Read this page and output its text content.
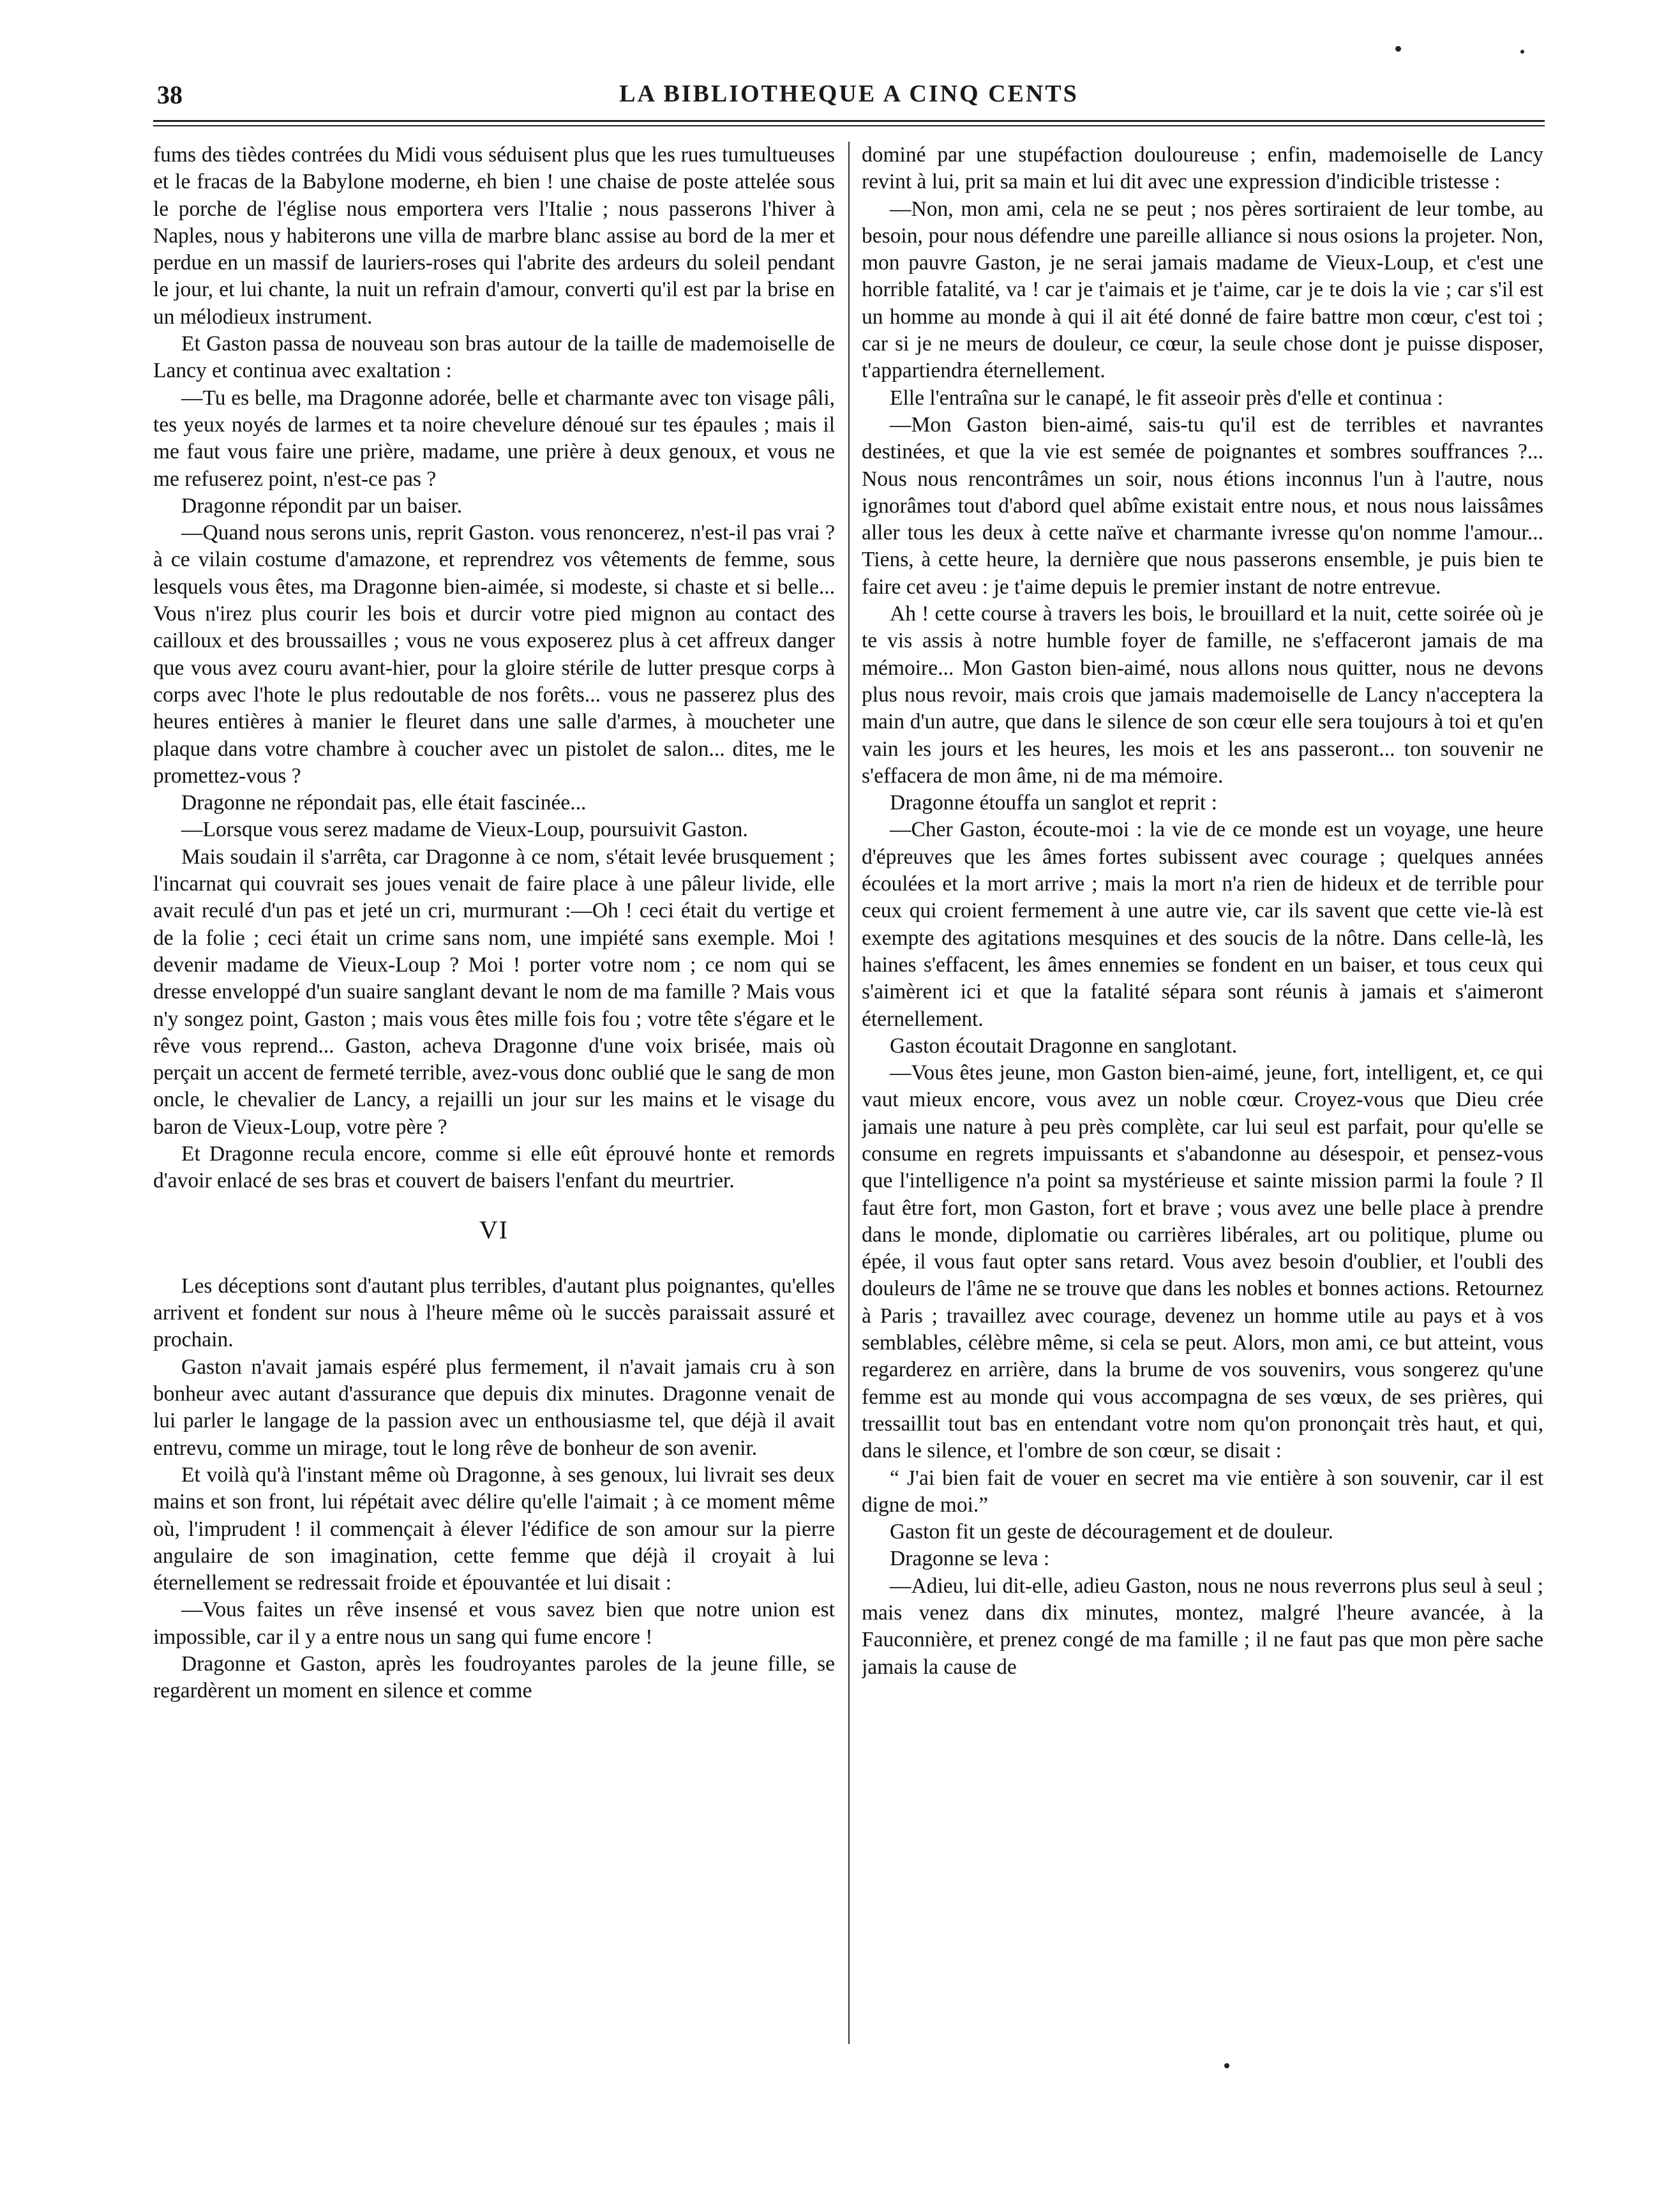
38	LA BIBLIOTHEQUE A CINQ CENTS

fums des tièdes contrées du Midi vous séduisent plus que les rues tumultueuses et le fracas de la Babylone moderne, eh bien ! une chaise de poste attelée sous le porche de l'église nous emportera vers l'Italie ; nous passerons l'hiver à Naples, nous y habiterons une villa de marbre blanc assise au bord de la mer et perdue en un massif de lauriers-roses qui l'abrite des ardeurs du soleil pendant le jour, et lui chante, la nuit un refrain d'amour, converti qu'il est par la brise en un mélodieux instrument.

Et Gaston passa de nouveau son bras autour de la taille de mademoiselle de Lancy et continua avec exaltation :

—Tu es belle, ma Dragonne adorée, belle et charmante avec ton visage pâli, tes yeux noyés de larmes et ta noire chevelure dénoué sur tes épaules ; mais il me faut vous faire une prière, madame, une prière à deux genoux, et vous ne me refuserez point, n'est-ce pas ?

Dragonne répondit par un baiser.

—Quand nous serons unis, reprit Gaston. vous renoncerez, n'est-il pas vrai ? à ce vilain costume d'amazone, et reprendrez vos vêtements de femme, sous lesquels vous êtes, ma Dragonne bien-aimée, si modeste, si chaste et si belle... Vous n'irez plus courir les bois et durcir votre pied mignon au contact des cailloux et des broussailles ; vous ne vous exposerez plus à cet affreux danger que vous avez couru avant-hier, pour la gloire stérile de lutter presque corps à corps avec l'hote le plus redoutable de nos forêts... vous ne passerez plus des heures entières à manier le fleuret dans une salle d'armes, à moucheter une plaque dans votre chambre à coucher avec un pistolet de salon... dites, me le promettez-vous ?

Dragonne ne répondait pas, elle était fascinée...

—Lorsque vous serez madame de Vieux-Loup, poursuivit Gaston.

Mais soudain il s'arrêta, car Dragonne à ce nom, s'était levée brusquement ; l'incarnat qui couvrait ses joues venait de faire place à une pâleur livide, elle avait reculé d'un pas et jeté un cri, murmurant :—Oh ! ceci était du vertige et de la folie ; ceci était un crime sans nom, une impiété sans exemple. Moi ! devenir madame de Vieux-Loup ? Moi ! porter votre nom ; ce nom qui se dresse enveloppé d'un suaire sanglant devant le nom de ma famille ? Mais vous n'y songez point, Gaston ; mais vous êtes mille fois fou ; votre tête s'égare et le rêve vous reprend... Gaston, acheva Dragonne d'une voix brisée, mais où perçait un accent de fermeté terrible, avez-vous donc oublié que le sang de mon oncle, le chevalier de Lancy, a rejailli un jour sur les mains et le visage du baron de Vieux-Loup, votre père ?

Et Dragonne recula encore, comme si elle eût éprouvé honte et remords d'avoir enlacé de ses bras et couvert de baisers l'enfant du meurtrier.

VI

Les déceptions sont d'autant plus terribles, d'autant plus poignantes, qu'elles arrivent et fondent sur nous à l'heure même où le succès paraissait assuré et prochain.

Gaston n'avait jamais espéré plus fermement, il n'avait jamais cru à son bonheur avec autant d'assurance que depuis dix minutes. Dragonne venait de lui parler le langage de la passion avec un enthousiasme tel, que déjà il avait entrevu, comme un mirage, tout le long rêve de bonheur de son avenir.

Et voilà qu'à l'instant même où Dragonne, à ses genoux, lui livrait ses deux mains et son front, lui répétait avec délire qu'elle l'aimait ; à ce moment même où, l'imprudent ! il commençait à élever l'édifice de son amour sur la pierre angulaire de son imagination, cette femme que déjà il croyait à lui éternellement se redressait froide et épouvantée et lui disait :

—Vous faites un rêve insensé et vous savez bien que notre union est impossible, car il y a entre nous un sang qui fume encore !

Dragonne et Gaston, après les foudroyantes paroles de la jeune fille, se regardèrent un moment en silence et comme

dominé par une stupéfaction douloureuse ; enfin, mademoiselle de Lancy revint à lui, prit sa main et lui dit avec une expression d'indicible tristesse :

—Non, mon ami, cela ne se peut ; nos pères sortiraient de leur tombe, au besoin, pour nous défendre une pareille alliance si nous osions la projeter. Non, mon pauvre Gaston, je ne serai jamais madame de Vieux-Loup, et c'est une horrible fatalité, va ! car je t'aimais et je t'aime, car je te dois la vie ; car s'il est un homme au monde à qui il ait été donné de faire battre mon cœur, c'est toi ; car si je ne meurs de douleur, ce cœur, la seule chose dont je puisse disposer, t'appartiendra éternellement.

Elle l'entraîna sur le canapé, le fit asseoir près d'elle et continua :

—Mon Gaston bien-aimé, sais-tu qu'il est de terribles et navrantes destinées, et que la vie est semée de poignantes et sombres souffrances ?... Nous nous rencontrâmes un soir, nous étions inconnus l'un à l'autre, nous ignorâmes tout d'abord quel abîme existait entre nous, et nous nous laissâmes aller tous les deux à cette naïve et charmante ivresse qu'on nomme l'amour... Tiens, à cette heure, la dernière que nous passerons ensemble, je puis bien te faire cet aveu : je t'aime depuis le premier instant de notre entrevue.

Ah ! cette course à travers les bois, le brouillard et la nuit, cette soirée où je te vis assis à notre humble foyer de famille, ne s'effaceront jamais de ma mémoire... Mon Gaston bien-aimé, nous allons nous quitter, nous ne devons plus nous revoir, mais crois que jamais mademoiselle de Lancy n'acceptera la main d'un autre, que dans le silence de son cœur elle sera toujours à toi et qu'en vain les jours et les heures, les mois et les ans passeront... ton souvenir ne s'effacera de mon âme, ni de ma mémoire.

Dragonne étouffa un sanglot et reprit :

—Cher Gaston, écoute-moi : la vie de ce monde est un voyage, une heure d'épreuves que les âmes fortes subissent avec courage ; quelques années écoulées et la mort arrive ; mais la mort n'a rien de hideux et de terrible pour ceux qui croient fermement à une autre vie, car ils savent que cette vie-là est exempte des agitations mesquines et des soucis de la nôtre. Dans celle-là, les haines s'effacent, les âmes ennemies se fondent en un baiser, et tous ceux qui s'aimèrent ici et que la fatalité sépara sont réunis à jamais et s'aimeront éternellement.

Gaston écoutait Dragonne en sanglotant.

—Vous êtes jeune, mon Gaston bien-aimé, jeune, fort, intelligent, et, ce qui vaut mieux encore, vous avez un noble cœur. Croyez-vous que Dieu crée jamais une nature à peu près complète, car lui seul est parfait, pour qu'elle se consume en regrets impuissants et s'abandonne au désespoir, et pensez-vous que l'intelligence n'a point sa mystérieuse et sainte mission parmi la foule ? Il faut être fort, mon Gaston, fort et brave ; vous avez une belle place à prendre dans le monde, diplomatie ou carrières libérales, art ou politique, plume ou épée, il vous faut opter sans retard. Vous avez besoin d'oublier, et l'oubli des douleurs de l'âme ne se trouve que dans les nobles et bonnes actions. Retournez à Paris ; travaillez avec courage, devenez un homme utile au pays et à vos semblables, célèbre même, si cela se peut. Alors, mon ami, ce but atteint, vous regarderez en arrière, dans la brume de vos souvenirs, vous songerez qu'une femme est au monde qui vous accompagna de ses vœux, de ses prières, qui tressaillit tout bas en entendant votre nom qu'on prononçait très haut, et qui, dans le silence, et l'ombre de son cœur, se disait :

“ J'ai bien fait de vouer en secret ma vie entière à son souvenir, car il est digne de moi.”

Gaston fit un geste de découragement et de douleur.

Dragonne se leva :

—Adieu, lui dit-elle, adieu Gaston, nous ne nous reverrons plus seul à seul ; mais venez dans dix minutes, montez, malgré l'heure avancée, à la Fauconnière, et prenez congé de ma famille ; il ne faut pas que mon père sache jamais la cause de
